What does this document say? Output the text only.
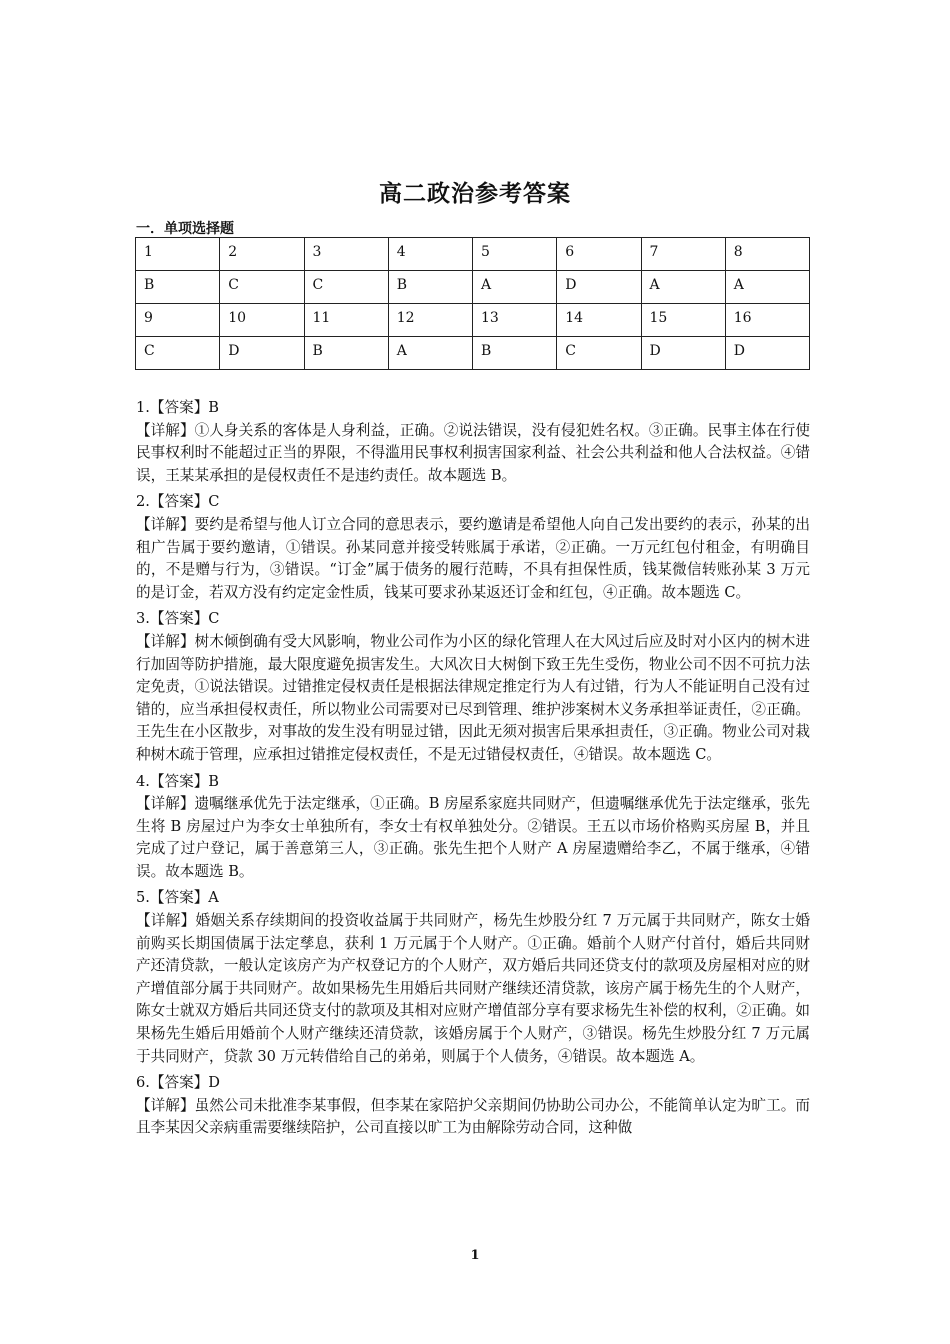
高二政治参考答案
一．单项选择题
1	2	3	4	5	6	7	8
B	C	C	B	A	D	A	A
9	10	11	12	13	14	15	16
C	D	B	A	B	C	D	D
1.【答案】B
【详解】①人身关系的客体是人身利益，正确。②说法错误，没有侵犯姓名权。③正确。民事主体在行使民事权利时不能超过正当的界限，不得滥用民事权利损害国家利益、社会公共利益和他人合法权益。④错误，王某某承担的是侵权责任不是违约责任。故本题选 B。
2.【答案】C
【详解】要约是希望与他人订立合同的意思表示，要约邀请是希望他人向自己发出要约的表示，孙某的出租广告属于要约邀请，①错误。孙某同意并接受转账属于承诺，②正确。一万元红包付租金，有明确目的，不是赠与行为，③错误。“订金”属于债务的履行范畴，不具有担保性质，钱某微信转账孙某 3 万元的是订金，若双方没有约定定金性质，钱某可要求孙某返还订金和红包，④正确。故本题选 C。
3.【答案】C
【详解】树木倾倒确有受大风影响，物业公司作为小区的绿化管理人在大风过后应及时对小区内的树木进行加固等防护措施，最大限度避免损害发生。大风次日大树倒下致王先生受伤，物业公司不因不可抗力法定免责，①说法错误。过错推定侵权责任是根据法律规定推定行为人有过错，行为人不能证明自己没有过错的，应当承担侵权责任，所以物业公司需要对已尽到管理、维护涉案树木义务承担举证责任，②正确。王先生在小区散步，对事故的发生没有明显过错，因此无须对损害后果承担责任，③正确。物业公司对栽种树木疏于管理，应承担过错推定侵权责任，不是无过错侵权责任，④错误。故本题选 C。
4.【答案】B
【详解】遗嘱继承优先于法定继承，①正确。B 房屋系家庭共同财产，但遗嘱继承优先于法定继承，张先生将 B 房屋过户为李女士单独所有，李女士有权单独处分。②错误。王五以市场价格购买房屋 B，并且完成了过户登记，属于善意第三人，③正确。张先生把个人财产 A 房屋遗赠给李乙，不属于继承，④错误。故本题选 B。
5.【答案】A
【详解】婚姻关系存续期间的投资收益属于共同财产，杨先生炒股分红 7 万元属于共同财产，陈女士婚前购买长期国债属于法定孳息，获利 1 万元属于个人财产。①正确。婚前个人财产付首付，婚后共同财产还清贷款，一般认定该房产为产权登记方的个人财产，双方婚后共同还贷支付的款项及房屋相对应的财产增值部分属于共同财产。故如果杨先生用婚后共同财产继续还清贷款，该房产属于杨先生的个人财产，陈女士就双方婚后共同还贷支付的款项及其相对应财产增值部分享有要求杨先生补偿的权利，②正确。如果杨先生婚后用婚前个人财产继续还清贷款，该婚房属于个人财产，③错误。杨先生炒股分红 7 万元属于共同财产，贷款 30 万元转借给自己的弟弟，则属于个人债务，④错误。故本题选 A。
6.【答案】D
【详解】虽然公司未批准李某事假，但李某在家陪护父亲期间仍协助公司办公，不能简单认定为旷工。而且李某因父亲病重需要继续陪护，公司直接以旷工为由解除劳动合同，这种做
1
